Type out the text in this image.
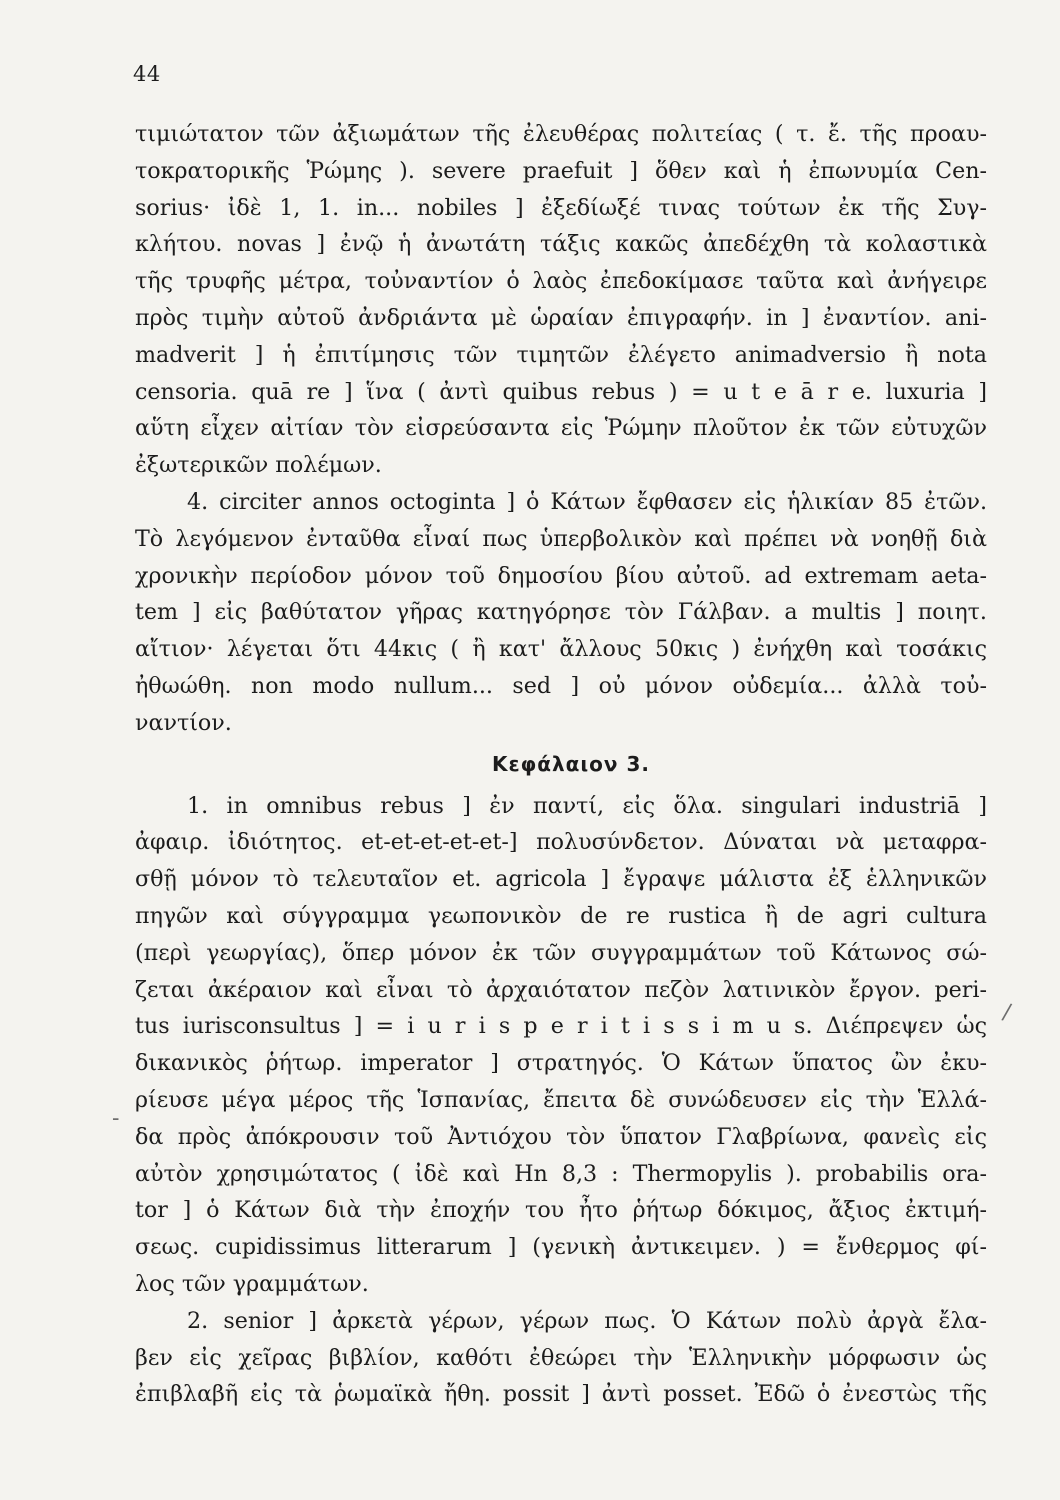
44
τιμιώτατον τῶν ἀξιωμάτων τῆς ἐλευθέρας πολιτείας ( τ. ἔ. τῆς προαυ-
τοκρατορικῆς Ῥώμης ). severe praefuit ] ὅθεν καὶ ἡ ἐπωνυμία Cen-
sorius· ἰδὲ 1, 1. in... nobiles ] ἐξεδίωξέ τινας τούτων ἐκ τῆς Συγ-
κλήτου. novas ] ἐνῷ ἡ ἀνωτάτη τάξις κακῶς ἀπεδέχθη τὰ κολαστικὰ
τῆς τρυφῆς μέτρα, τοὐναντίον ὁ λαὸς ἐπεδοκίμασε ταῦτα καὶ ἀνήγειρε
πρὸς τιμὴν αὐτοῦ ἀνδριάντα μὲ ὡραίαν ἐπιγραφήν. in ] ἐναντίον. ani-
madverit ] ἡ ἐπιτίμησις τῶν τιμητῶν ἐλέγετο animadversio ἢ nota
censoria. quā re ] ἵνα ( ἀντὶ quibus rebus ) = u t e ā r e. luxuria ]
αὕτη εἶχεν αἰτίαν τὸν εἰσρεύσαντα εἰς Ῥώμην πλοῦτον ἐκ τῶν εὐτυχῶν
ἐξωτερικῶν πολέμων.
4. circiter annos octoginta ] ὁ Κάτων ἔφθασεν εἰς ἡλικίαν 85 ἐτῶν.
Τὸ λεγόμενον ἐνταῦθα εἶναί πως ὑπερβολικὸν καὶ πρέπει νὰ νοηθῇ διὰ
χρονικὴν περίοδον μόνον τοῦ δημοσίου βίου αὐτοῦ. ad extremam aeta-
tem ] εἰς βαθύτατον γῆρας κατηγόρησε τὸν Γάλβαν. a multis ] ποιητ.
αἴτιον· λέγεται ὅτι 44κις ( ἢ κατ' ἄλλους 50κις ) ἐνήχθη καὶ τοσάκις
ἠθωώθη. non modo nullum... sed ] οὐ μόνον οὐδεμία... ἀλλὰ τοὐ-
ναντίον.
Κεφάλαιον 3.
1. in omnibus rebus ] ἐν παντί, εἰς ὅλα. singulari industriā ]
ἀφαιρ. ἰδιότητος. et-et-et-et-et-] πολυσύνδετον. Δύναται νὰ μεταφρα-
σθῇ μόνον τὸ τελευταῖον et. agricola ] ἔγραψε μάλιστα ἐξ ἑλληνικῶν
πηγῶν καὶ σύγγραμμα γεωπονικὸν de re rustica ἢ de agri cultura
(περὶ γεωργίας), ὅπερ μόνον ἐκ τῶν συγγραμμάτων τοῦ Κάτωνος σώ-
ζεται ἀκέραιον καὶ εἶναι τὸ ἀρχαιότατον πεζὸν λατινικὸν ἔργον. peri-
tus iurisconsultus ] = i u r i s p e r i t i s s i m u s. Διέπρεψεν ὡς
δικανικὸς ῥήτωρ. imperator ] στρατηγός. Ὁ Κάτων ὕπατος ὢν ἐκυ-
ρίευσε μέγα μέρος τῆς Ἱσπανίας, ἔπειτα δὲ συνώδευσεν εἰς τὴν Ἑλλά-
δα πρὸς ἀπόκρουσιν τοῦ Ἀντιόχου τὸν ὕπατον Γλαβρίωνα, φανεὶς εἰς
αὐτὸν χρησιμώτατος ( ἰδὲ καὶ Hn 8,3 : Thermopylis ). probabilis ora-
tor ] ὁ Κάτων διὰ τὴν ἐποχήν του ἦτο ῥήτωρ δόκιμος, ἄξιος ἐκτιμή-
σεως. cupidissimus litterarum ] (γενικὴ ἀντικειμεν. ) = ἔνθερμος φί-
λος τῶν γραμμάτων.
2. senior ] ἀρκετὰ γέρων, γέρων πως. Ὁ Κάτων πολὺ ἀργὰ ἔλα-
βεν εἰς χεῖρας βιβλίον, καθότι ἐθεώρει τὴν Ἑλληνικὴν μόρφωσιν ὡς
ἐπιβλαβῆ εἰς τὰ ῥωμαϊκὰ ἤθη. possit ] ἀντὶ posset. Ἐδῶ ὁ ἐνεστὼς τῆς
-
/
